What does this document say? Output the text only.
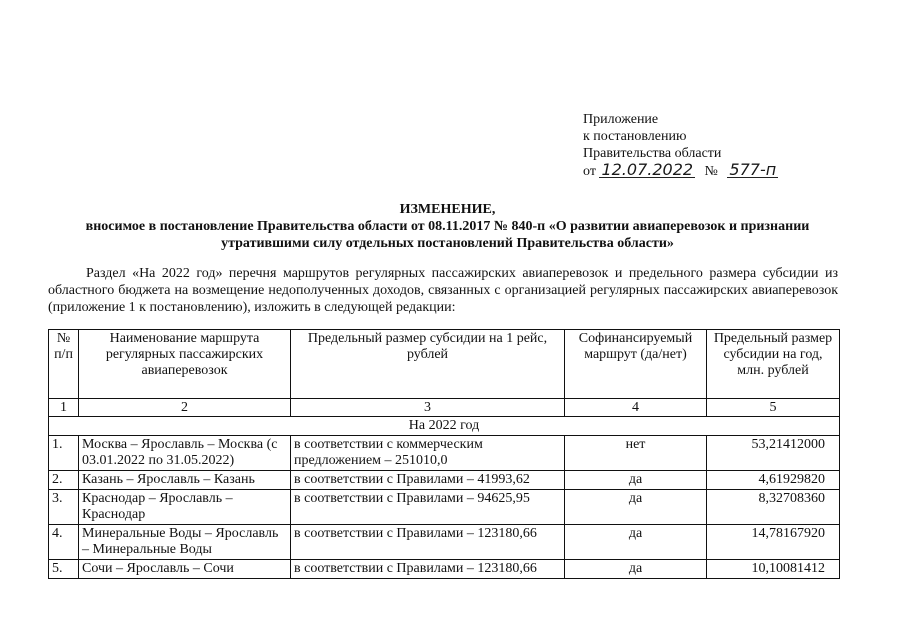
Приложение
к постановлению
Правительства области
от 12.07.2022 № 577-п
ИЗМЕНЕНИЕ,
вносимое в постановление Правительства области от 08.11.2017 № 840-п «О развитии авиаперевозок и признании
утратившими силу отдельных постановлений Правительства области»

Раздел «На 2022 год» перечня маршрутов регулярных пассажирских авиаперевозок и предельного размера субсидии из областного бюджета на возмещение недополученных доходов, связанных с организацией регулярных пассажирских авиаперевозок (приложение 1 к постановлению), изложить в следующей редакции:

№ п/п	Наименование маршрута регулярных пассажирских авиаперевозок	Предельный размер субсидии на 1 рейс, рублей	Софинансируемый маршрут (да/нет)	Предельный размер субсидии на год, млн. рублей
1	2	3	4	5
На 2022 год				
1.	Москва – Ярославль – Москва (с 03.01.2022 по 31.05.2022)	в соответствии с коммерческим предложением – 251010,0	нет	53,21412000
2.	Казань – Ярославль – Казань	в соответствии с Правилами – 41993,62	да	4,61929820
3.	Краснодар – Ярославль – Краснодар	в соответствии с Правилами – 94625,95	да	8,32708360
4.	Минеральные Воды – Ярославль – Минеральные Воды	в соответствии с Правилами – 123180,66	да	14,78167920
5.	Сочи – Ярославль – Сочи	в соответствии с Правилами – 123180,66	да	10,10081412
